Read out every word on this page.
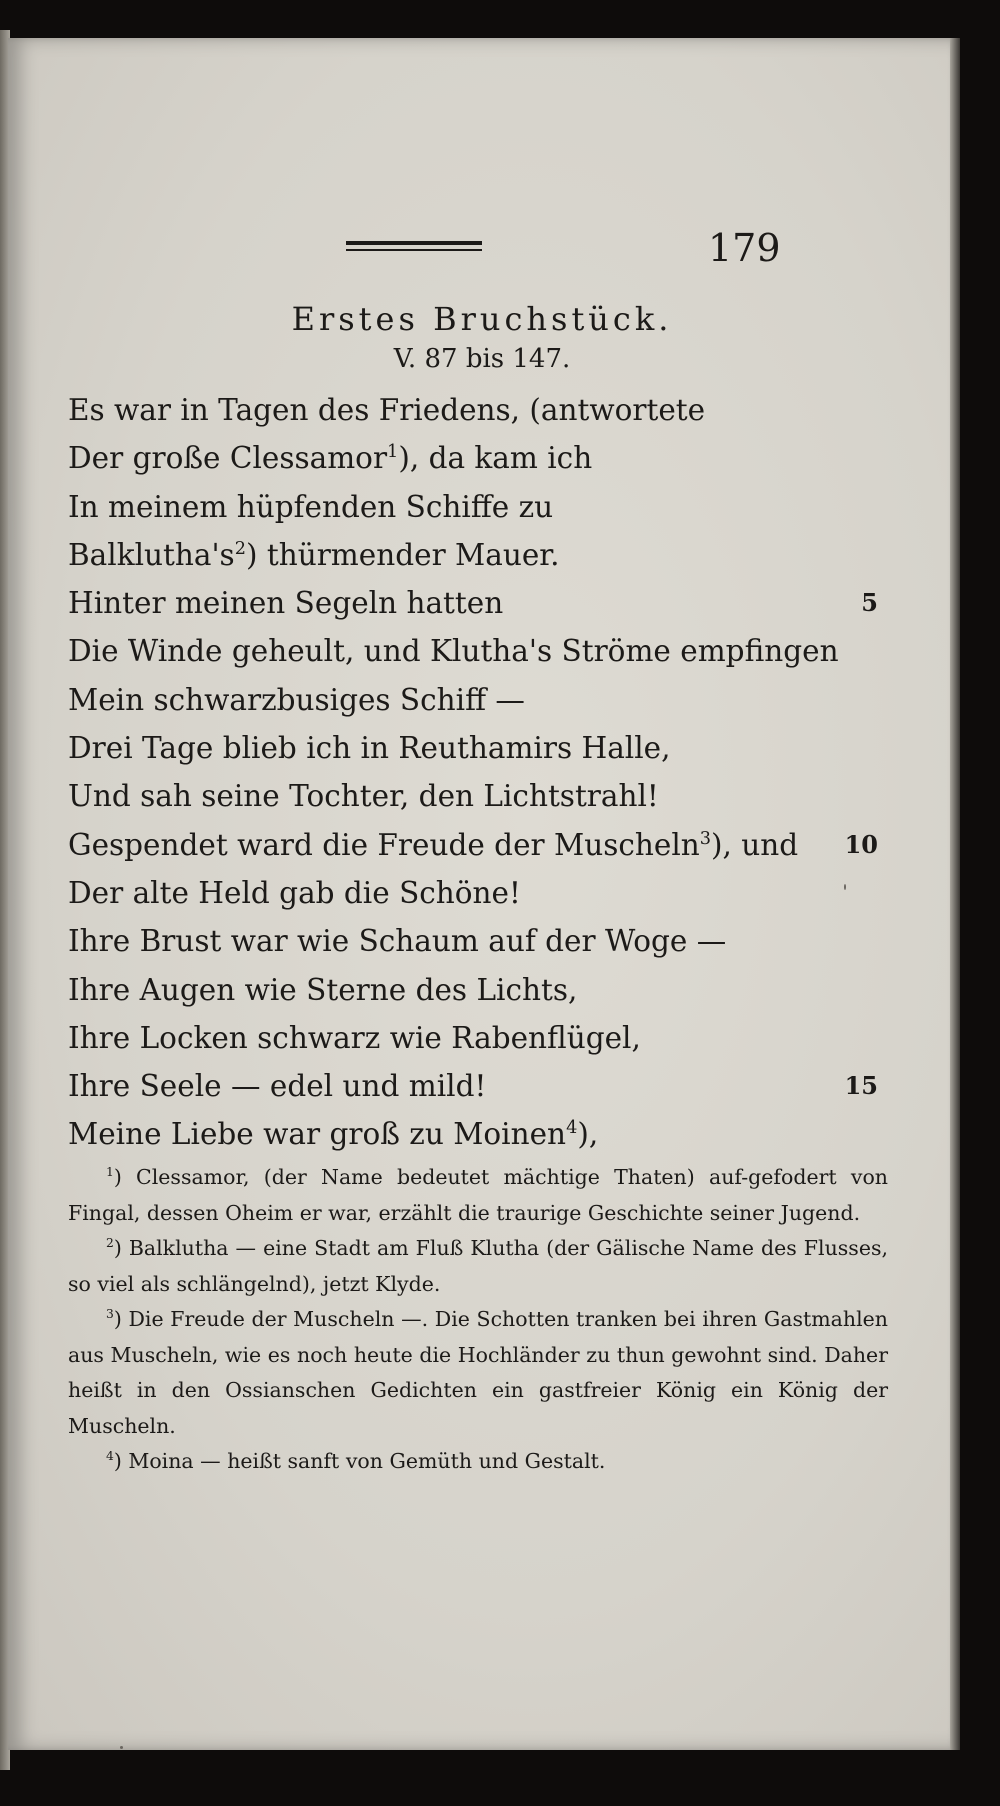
179
Erstes Bruchstück.
V. 87 bis 147.
Es war in Tagen des Friedens, (antwortete
Der große Clessamor$^1$), da kam ich
In meinem hüpfenden Schiffe zu
$Balklutha's^2$) thürmender Mauer.
Hinter meinen Segeln hatten	5
Die Winde geheult, und Klutha's Ströme empfingen
Mein schwarzbusiges Schiff —
Drei Tage blieb ich in Reuthamirs Halle,
Und sah seine Tochter, den Lichtstrahl!
Gespendet ward die Freude der Muscheln$^3$), und 10
Der alte Held gab die Schöne!
Ihre Brust war wie Schaum auf der Woge —
Ihre Augen wie Sterne des Lichts,
Ihre Locken schwarz wie Rabenflügel,
Ihre Seele — edel und mild!	15
Meine Liebe war groß zu Moinen$^4$),

$^1$) Clessamor, (der Name bedeutet mächtige Thaten) auf-gefodert von Fingal, dessen Oheim er war, erzählt die traurige Geschichte seiner Jugend.

$^2$) Balklutha — eine Stadt am Fluß Klutha (der Gälische Name des Flusses, so viel als schlängelnd), jetzt Klyde.

$^3$) Die Freude der Muscheln —. Die Schotten tranken bei ihren Gastmahlen aus Muscheln, wie es noch heute die Hochländer zu thun gewohnt sind. Daher heißt in den Ossianschen Gedichten ein gastfreier König ein König der Muscheln.

$^4$) Moina — heißt sanft von Gemüth und Gestalt.
